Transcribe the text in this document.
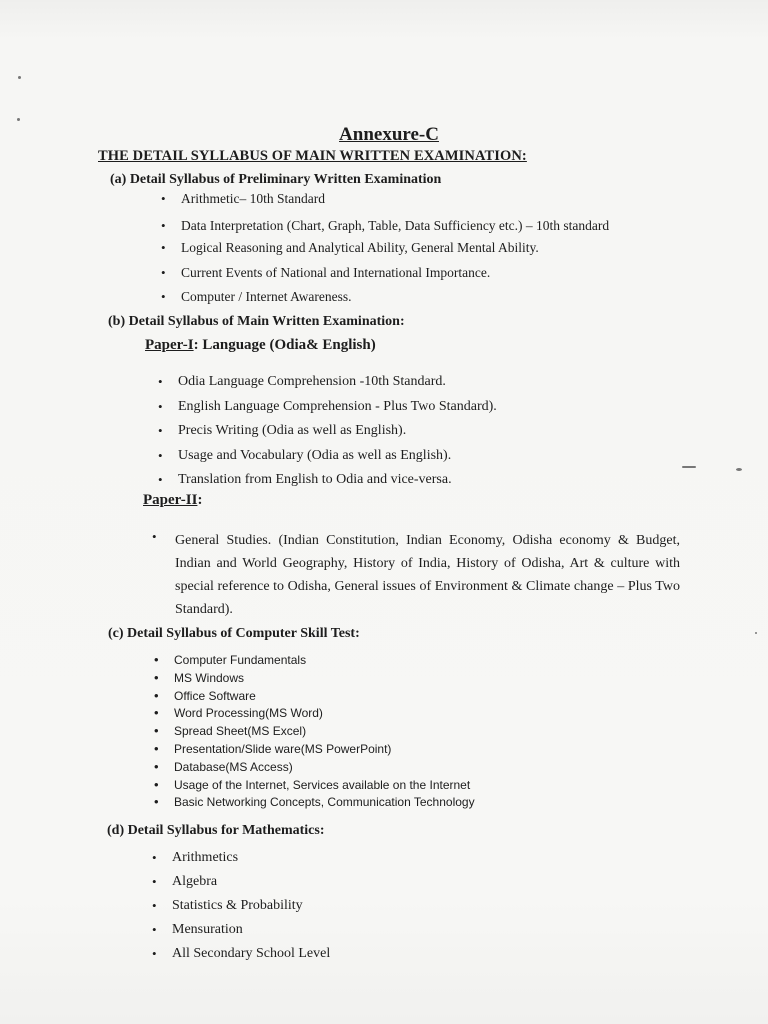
Annexure-C
THE DETAIL SYLLABUS OF MAIN WRITTEN EXAMINATION:
(a) Detail Syllabus of Preliminary Written Examination
• Arithmetic– 10th Standard
• Data Interpretation (Chart, Graph, Table, Data Sufficiency etc.) – 10th standard
• Logical Reasoning and Analytical Ability, General Mental Ability.
• Current Events of National and International Importance.
• Computer / Internet Awareness.
(b) Detail Syllabus of Main Written Examination:
Paper-I: Language (Odia& English)
• Odia Language Comprehension -10th Standard.
• English Language Comprehension - Plus Two Standard).
• Precis Writing (Odia as well as English).
• Usage and Vocabulary (Odia as well as English).
• Translation from English to Odia and vice-versa.
Paper-II:
• General Studies. (Indian Constitution, Indian Economy, Odisha economy & Budget, Indian and World Geography, History of India, History of Odisha, Art & culture with special reference to Odisha, General issues of Environment & Climate change – Plus Two Standard).
(c) Detail Syllabus of Computer Skill Test:
• Computer Fundamentals
• MS Windows
• Office Software
• Word Processing(MS Word)
• Spread Sheet(MS Excel)
• Presentation/Slide ware(MS PowerPoint)
• Database(MS Access)
• Usage of the Internet, Services available on the Internet
• Basic Networking Concepts, Communication Technology
(d) Detail Syllabus for Mathematics:
• Arithmetics
• Algebra
• Statistics & Probability
• Mensuration
• All Secondary School Level
